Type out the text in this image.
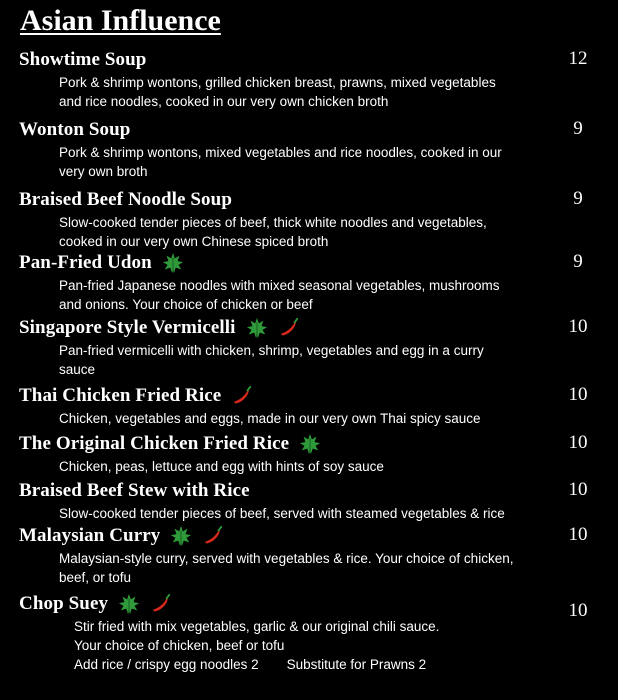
Asian Influence
Showtime Soup	12
Pork & shrimp wontons, grilled chicken breast, prawns, mixed vegetables
and rice noodles, cooked in our very own chicken broth
Wonton Soup	9
Pork & shrimp wontons, mixed vegetables and rice noodles, cooked in our
very own broth
Braised Beef Noodle Soup	9
Slow-cooked tender pieces of beef, thick white noodles and vegetables,
cooked in our very own Chinese spiced broth
Pan-Fried Udon	9
Pan-fried Japanese noodles with mixed seasonal vegetables, mushrooms
and onions. Your choice of chicken or beef
Singapore Style Vermicelli	10
Pan-fried vermicelli with chicken, shrimp, vegetables and egg in a curry
sauce
Thai Chicken Fried Rice	10
Chicken, vegetables and eggs, made in our very own Thai spicy sauce
The Original Chicken Fried Rice	10
Chicken, peas, lettuce and egg with hints of soy sauce
Braised Beef Stew with Rice	10
Slow-cooked tender pieces of beef, served with steamed vegetables & rice
Malaysian Curry	10
Malaysian-style curry, served with vegetables & rice. Your choice of chicken,
beef, or tofu
Chop Suey	10
Stir fried with mix vegetables, garlic & our original chili sauce.
Your choice of chicken, beef or tofu
Add rice / crispy egg noodles 2 Substitute for Prawns 2
